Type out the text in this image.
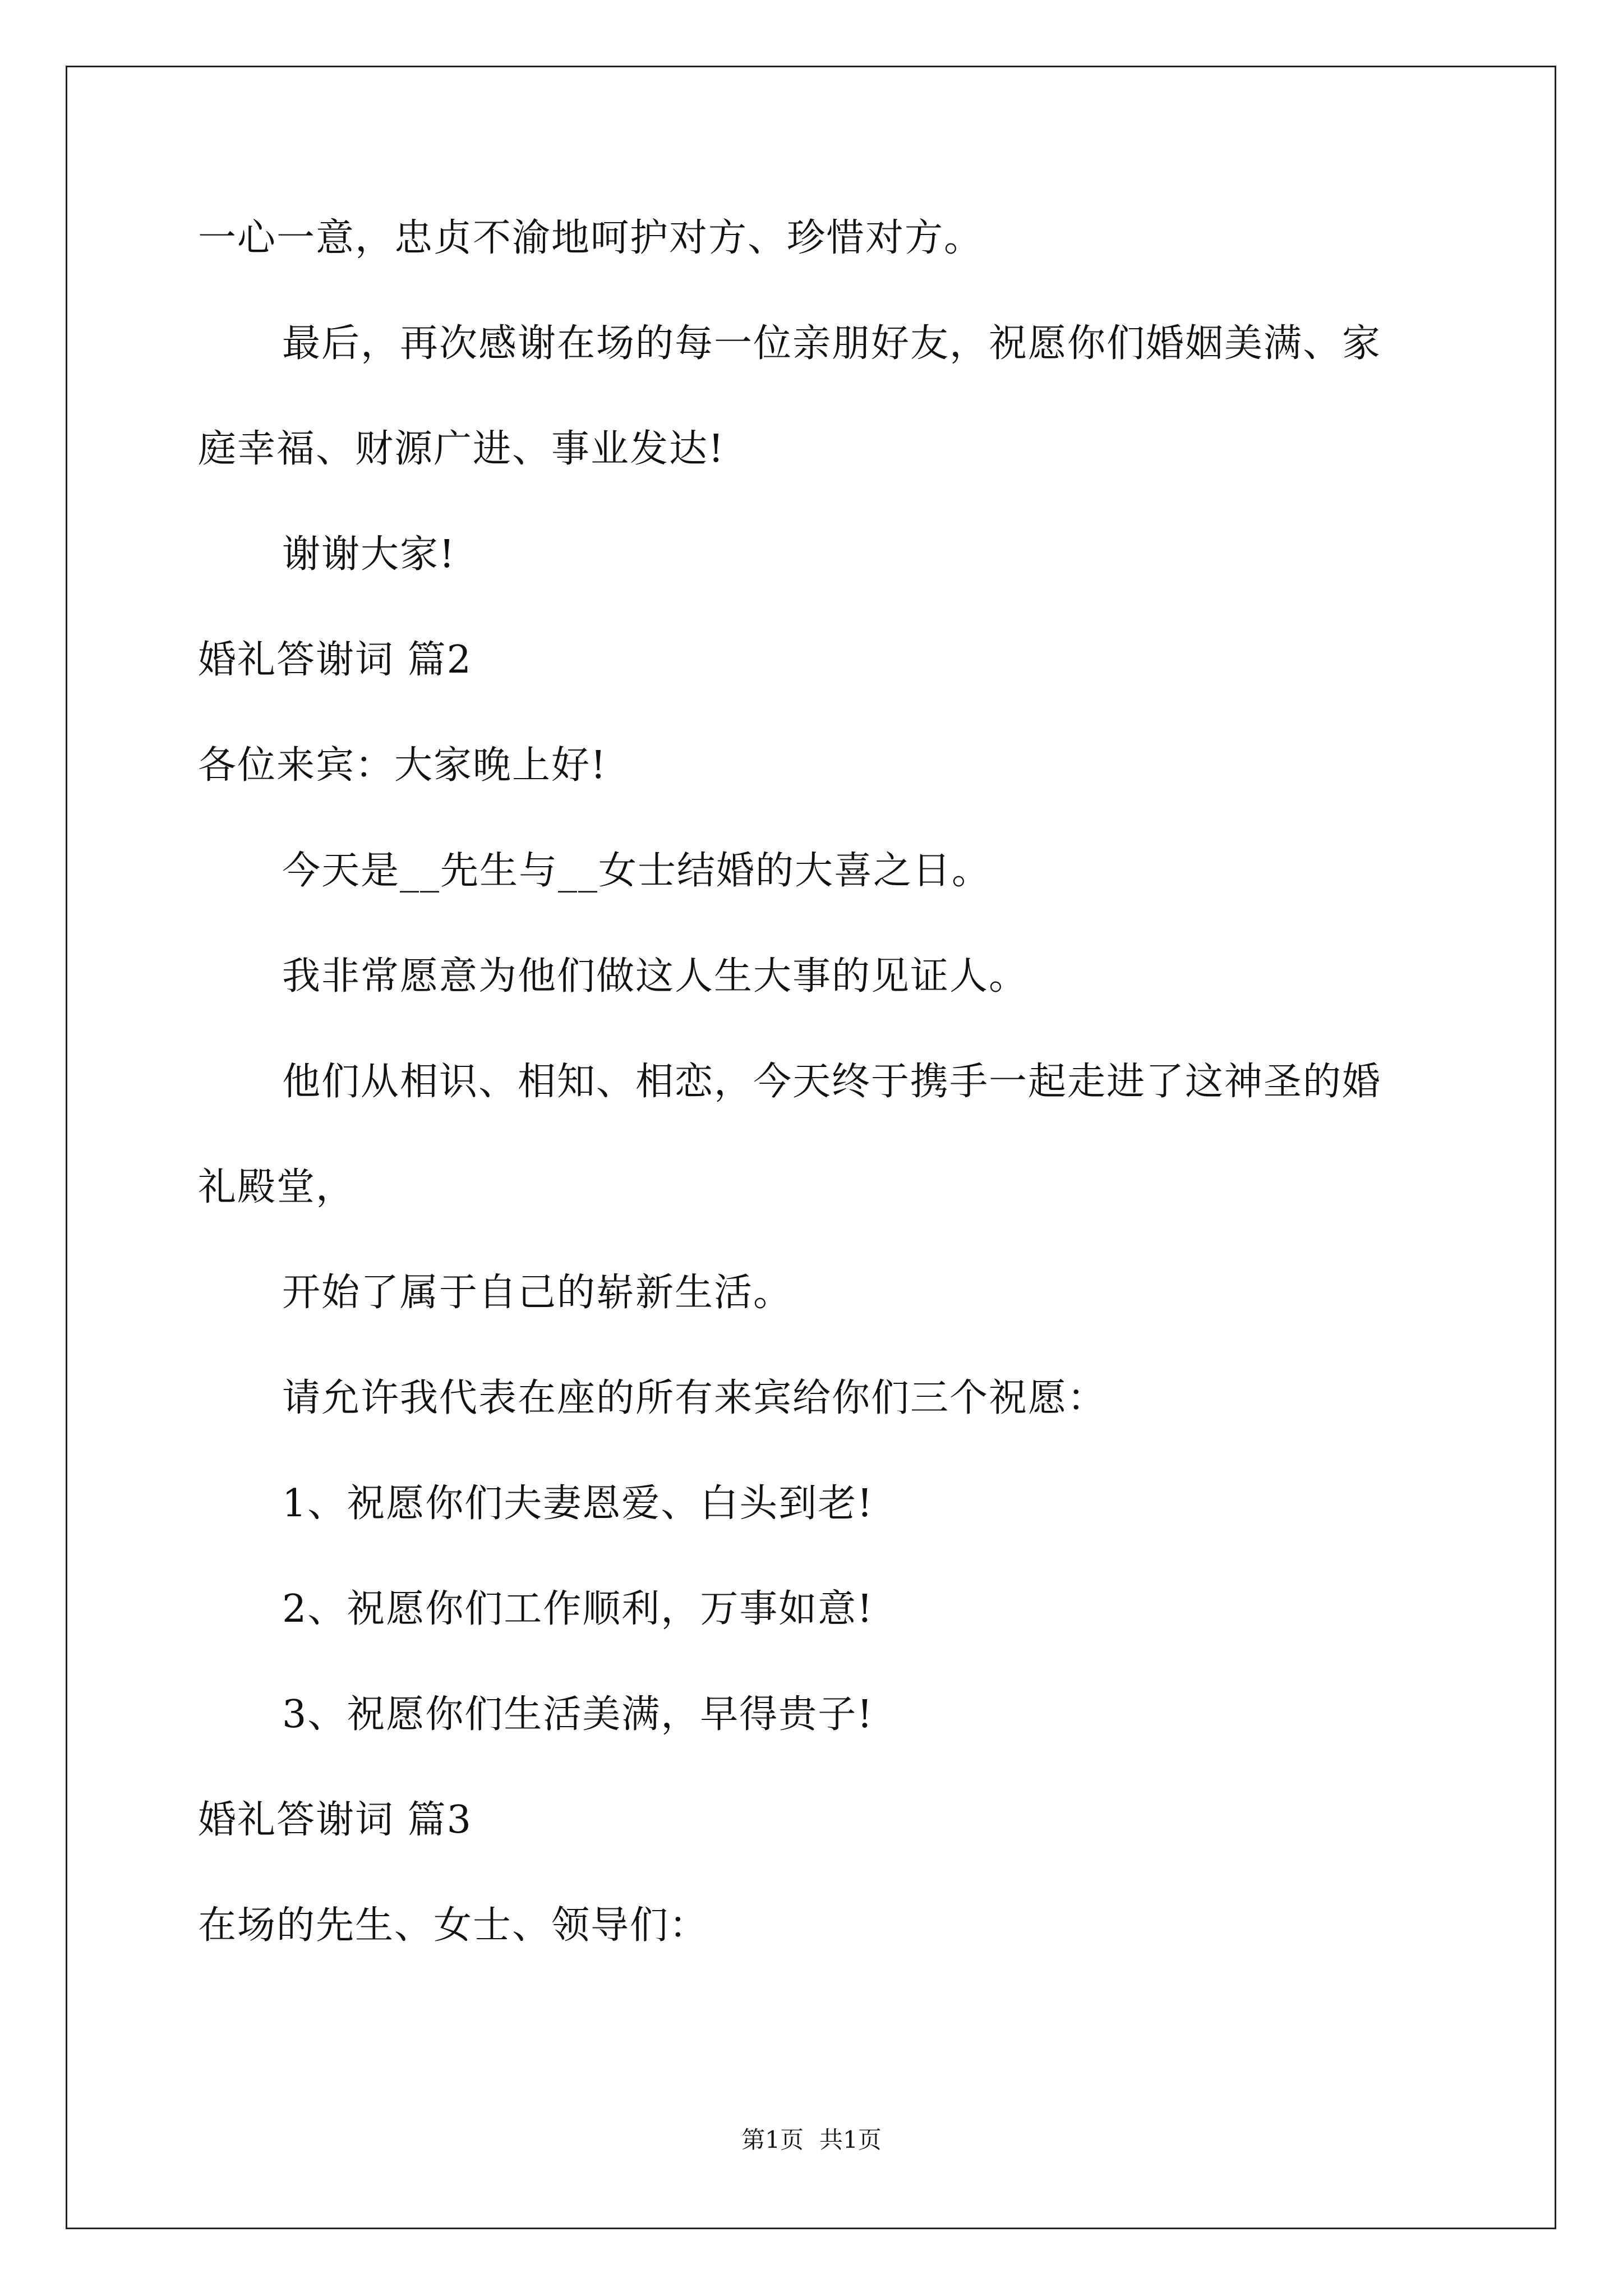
一心一意，忠贞不渝地呵护对方、珍惜对方。
最后，再次感谢在场的每一位亲朋好友，祝愿你们婚姻美满、家
庭幸福、财源广进、事业发达!
谢谢大家!
婚礼答谢词 篇2
各位来宾：大家晚上好!
今天是__先生与__女士结婚的大喜之日。
我非常愿意为他们做这人生大事的见证人。
他们从相识、相知、相恋，今天终于携手一起走进了这神圣的婚
礼殿堂，
开始了属于自己的崭新生活。
请允许我代表在座的所有来宾给你们三个祝愿：
1、祝愿你们夫妻恩爱、白头到老!
2、祝愿你们工作顺利，万事如意!
3、祝愿你们生活美满，早得贵子!
婚礼答谢词 篇3
在场的先生、女士、领导们：
第1页 共1页
